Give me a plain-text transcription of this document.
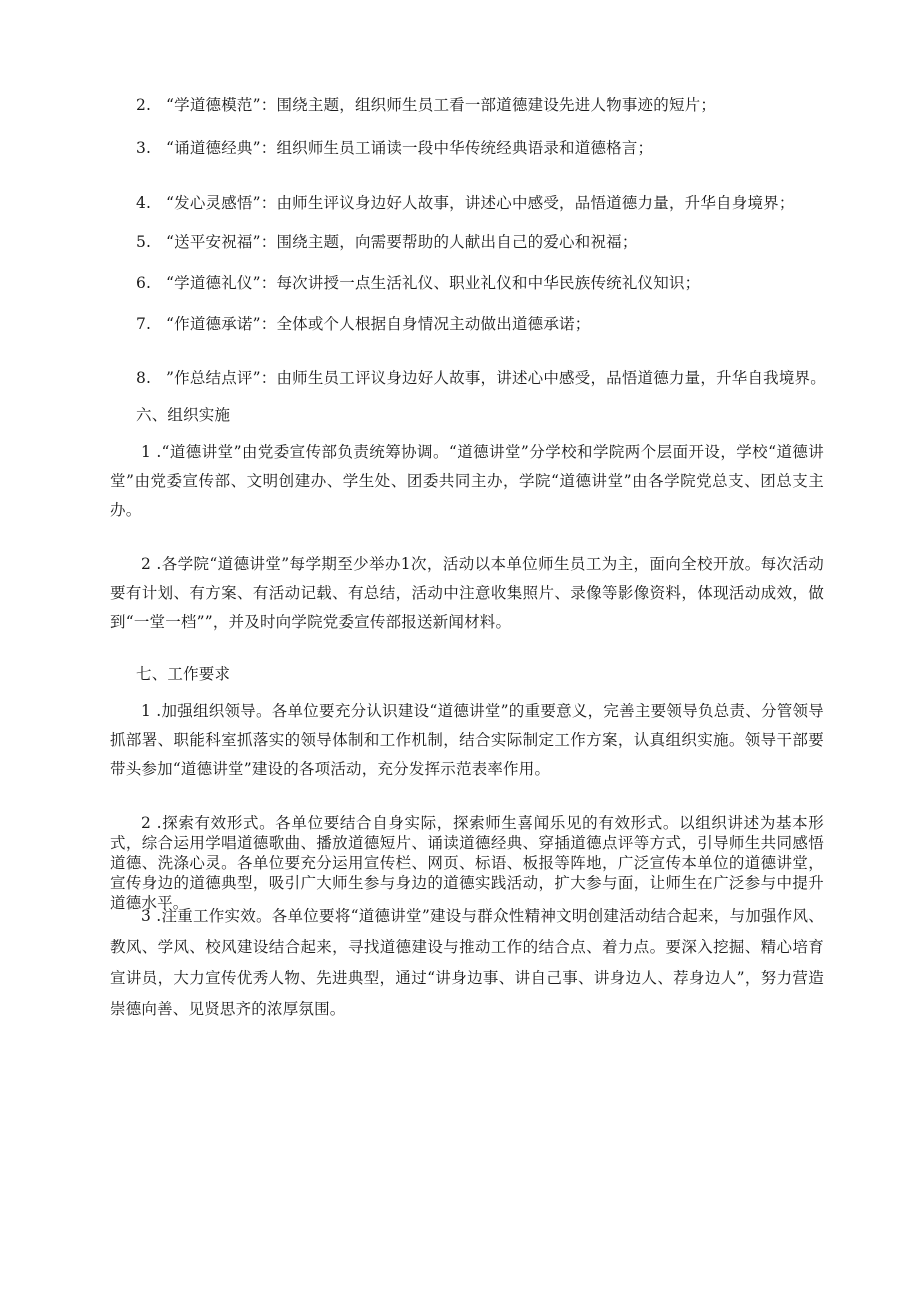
2. “学道德模范”：围绕主题，组织师生员工看一部道德建设先进人物事迹的短片；
3. “诵道德经典”：组织师生员工诵读一段中华传统经典语录和道德格言；
4. “发心灵感悟”：由师生评议身边好人故事，讲述心中感受，品悟道德力量，升华自身境界；
5. “送平安祝福”：围绕主题，向需要帮助的人献出自己的爱心和祝福；
6. “学道德礼仪”：每次讲授一点生活礼仪、职业礼仪和中华民族传统礼仪知识；
7. “作道德承诺”：全体或个人根据自身情况主动做出道德承诺；
8. ”作总结点评”：由师生员工评议身边好人故事，讲述心中感受，品悟道德力量，升华自我境界。
六、组织实施
1 .“道德讲堂”由党委宣传部负责统筹协调。“道德讲堂”分学校和学院两个层面开设，学校“道德讲堂”由党委宣传部、文明创建办、学生处、团委共同主办，学院“道德讲堂”由各学院党总支、团总支主办。
2 .各学院“道德讲堂”每学期至少举办1次，活动以本单位师生员工为主，面向全校开放。每次活动要有计划、有方案、有活动记载、有总结，活动中注意收集照片、录像等影像资料，体现活动成效，做到“一堂一档””，并及时向学院党委宣传部报送新闻材料。
七、工作要求
1 .加强组织领导。各单位要充分认识建设“道德讲堂”的重要意义，完善主要领导负总责、分管领导抓部署、职能科室抓落实的领导体制和工作机制，结合实际制定工作方案，认真组织实施。领导干部要带头参加“道德讲堂”建设的各项活动，充分发挥示范表率作用。
2 .探索有效形式。各单位要结合自身实际，探索师生喜闻乐见的有效形式。以组织讲述为基本形式，综合运用学唱道德歌曲、播放道德短片、诵读道德经典、穿插道德点评等方式，引导师生共同感悟道德、洗涤心灵。各单位要充分运用宣传栏、网页、标语、板报等阵地，广泛宣传本单位的道德讲堂，宣传身边的道德典型，吸引广大师生参与身边的道德实践活动，扩大参与面，让师生在广泛参与中提升道德水平。
3 .注重工作实效。各单位要将“道德讲堂”建设与群众性精神文明创建活动结合起来，与加强作风、教风、学风、校风建设结合起来，寻找道德建设与推动工作的结合点、着力点。要深入挖掘、精心培育宣讲员，大力宣传优秀人物、先进典型，通过“讲身边事、讲自己事、讲身边人、荐身边人”，努力营造崇德向善、见贤思齐的浓厚氛围。
